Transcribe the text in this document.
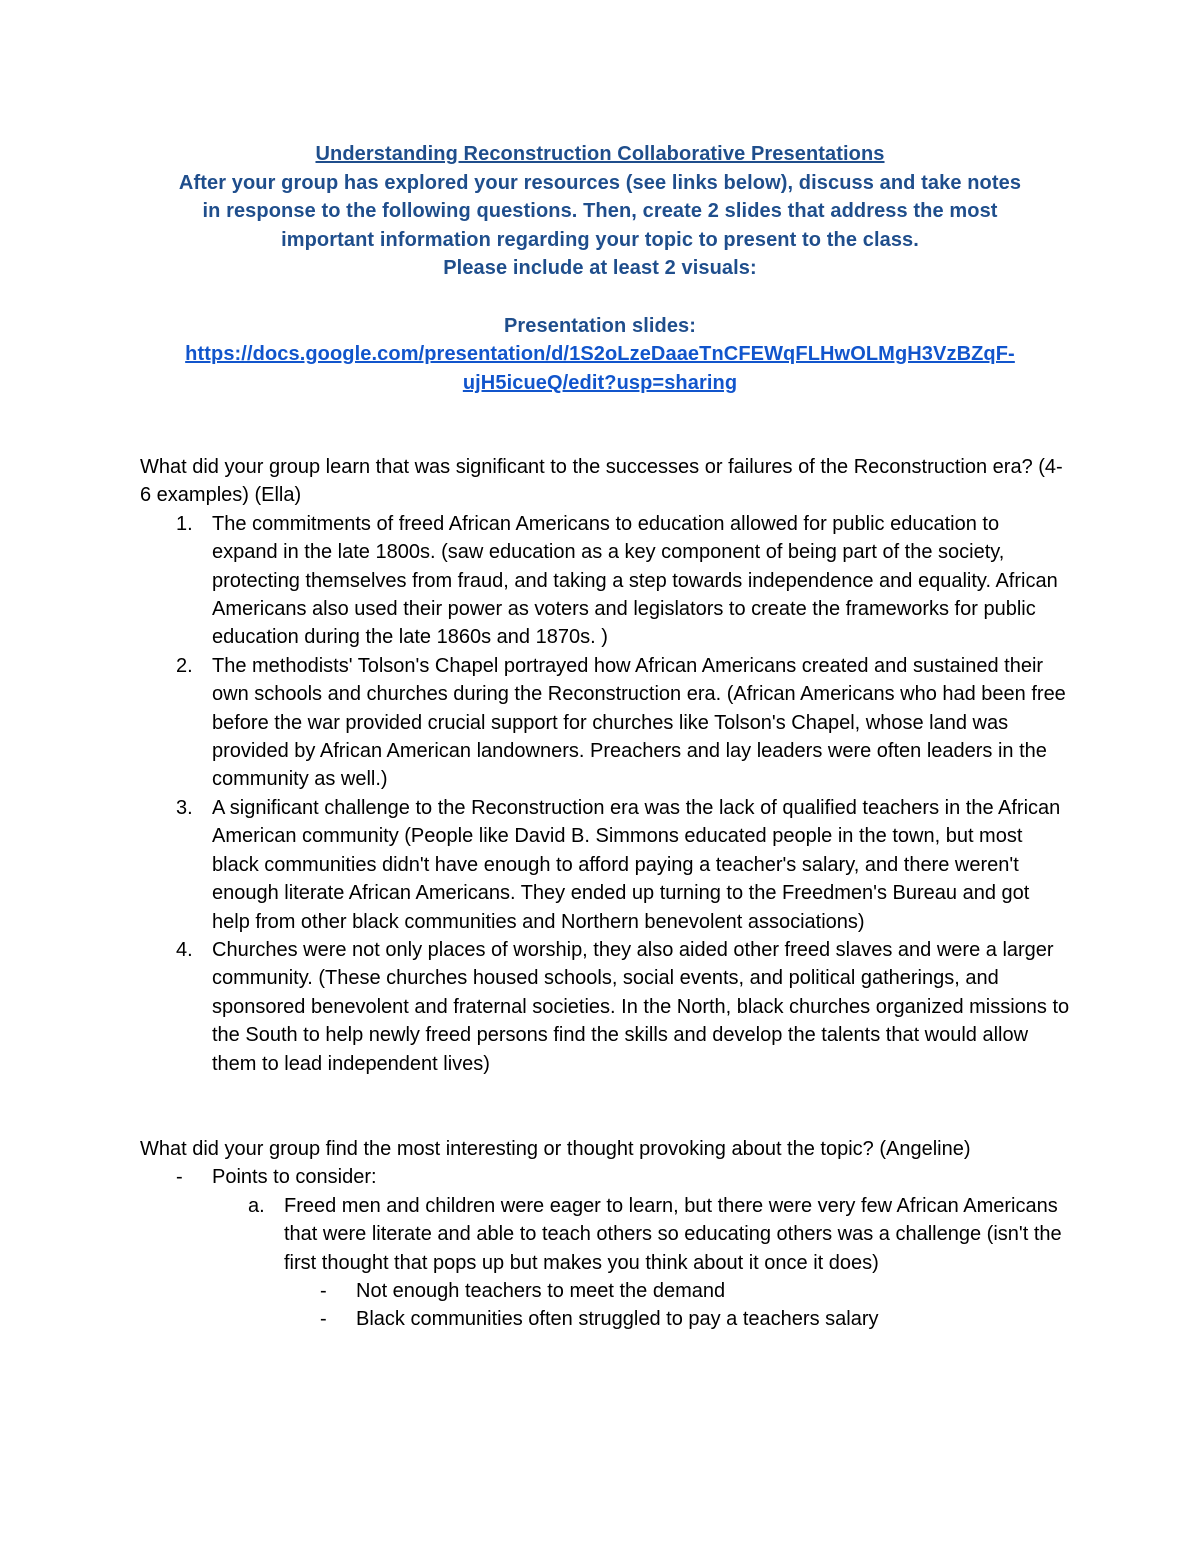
Understanding Reconstruction Collaborative Presentations
After your group has explored your resources (see links below), discuss and take notes
in response to the following questions. Then, create 2 slides that address the most
important information regarding your topic to present to the class.
Please include at least 2 visuals:
Presentation slides:
https://docs.google.com/presentation/d/1S2oLzeDaaeTnCFEWqFLHwOLMgH3VzBZqF-
ujH5icueQ/edit?usp=sharing

What did your group learn that was significant to the successes or failures of the Reconstruction era? (4-6 examples) (Ella)

1. The commitments of freed African Americans to education allowed for public education to expand in the late 1800s. (saw education as a key component of being part of the society, protecting themselves from fraud, and taking a step towards independence and equality. African Americans also used their power as voters and legislators to create the frameworks for public education during the late 1860s and 1870s. )
2. The methodists' Tolson's Chapel portrayed how African Americans created and sustained their own schools and churches during the Reconstruction era. (African Americans who had been free before the war provided crucial support for churches like Tolson's Chapel, whose land was provided by African American landowners. Preachers and lay leaders were often leaders in the community as well.)
3. A significant challenge to the Reconstruction era was the lack of qualified teachers in the African American community (People like David B. Simmons educated people in the town, but most black communities didn't have enough to afford paying a teacher's salary, and there weren't enough literate African Americans. They ended up turning to the Freedmen's Bureau and got help from other black communities and Northern benevolent associations)
4. Churches were not only places of worship, they also aided other freed slaves and were a larger community. (These churches housed schools, social events, and political gatherings, and sponsored benevolent and fraternal societies. In the North, black churches organized missions to the South to help newly freed persons find the skills and develop the talents that would allow them to lead independent lives)

What did your group find the most interesting or thought provoking about the topic? (Angeline)

- Points to consider:
a. Freed men and children were eager to learn, but there were very few African Americans that were literate and able to teach others so educating others was a challenge (isn't the first thought that pops up but makes you think about it once it does)
- Not enough teachers to meet the demand
- Black communities often struggled to pay a teachers salary
